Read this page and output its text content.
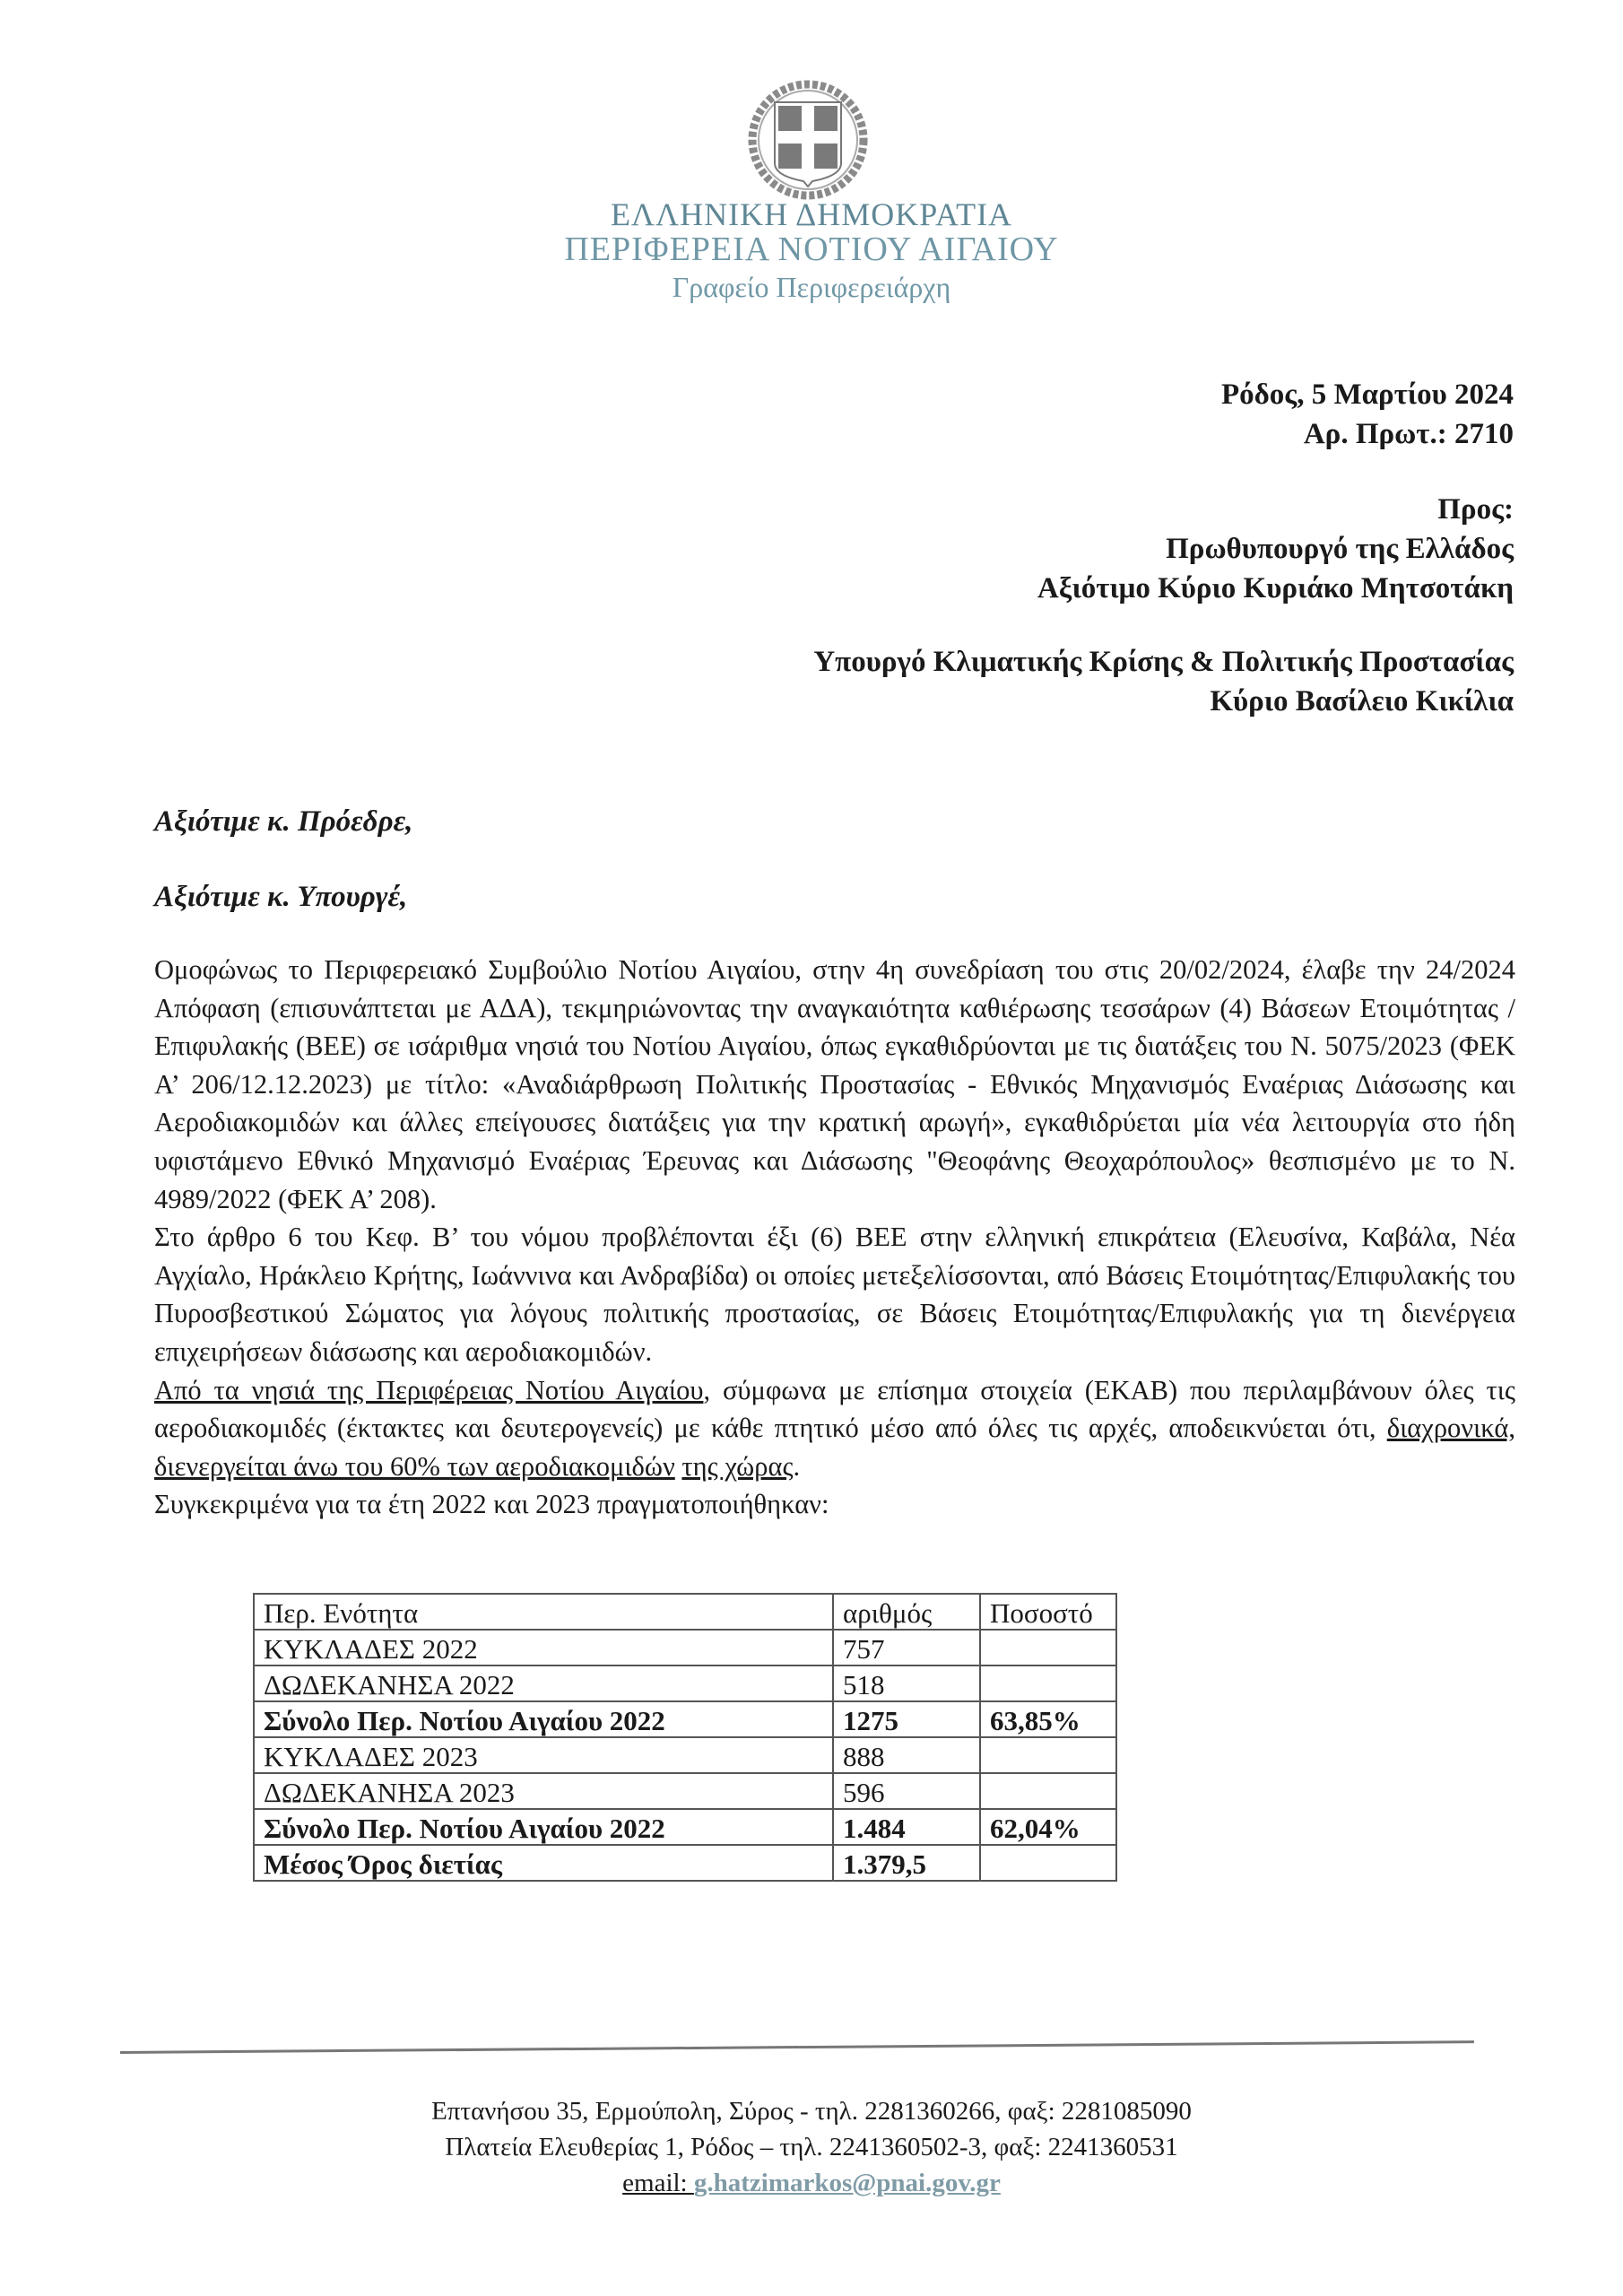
ΕΛΛΗΝΙΚΗ ΔΗΜΟΚΡΑΤΙΑ
ΠΕΡΙΦΕΡΕΙΑ ΝΟΤΙΟΥ ΑΙΓΑΙΟΥ
Γραφείο Περιφερειάρχη
Ρόδος, 5 Μαρτίου 2024
Αρ. Πρωτ.: 2710
Προς:
Πρωθυπουργό της Ελλάδος
Αξιότιμο Κύριο Κυριάκο Μητσοτάκη
Υπουργό Κλιματικής Κρίσης & Πολιτικής Προστασίας
Κύριο Βασίλειο Κικίλια
Αξιότιμε κ. Πρόεδρε,
Αξιότιμε κ. Υπουργέ,

Ομοφώνως το Περιφερειακό Συμβούλιο Νοτίου Αιγαίου, στην 4η συνεδρίαση του στις 20/02/2024, έλαβε την 24/2024 Απόφαση (επισυνάπτεται με ΑΔΑ), τεκμηριώνοντας την αναγκαιότητα καθιέρωσης τεσσάρων (4) Βάσεων Ετοιμότητας / Επιφυλακής (ΒΕΕ) σε ισάριθμα νησιά του Νοτίου Αιγαίου, όπως εγκαθιδρύονται με τις διατάξεις του Ν. 5075/2023 (ΦΕΚ Α’ 206/12.12.2023) με τίτλο: «Αναδιάρθρωση Πολιτικής Προστασίας - Εθνικός Μηχανισμός Εναέριας Διάσωσης και Αεροδιακομιδών και άλλες επείγουσες διατάξεις για την κρατική αρωγή», εγκαθιδρύεται μία νέα λειτουργία στο ήδη υφιστάμενο Εθνικό Μηχανισμό Εναέριας Έρευνας και Διάσωσης "Θεοφάνης Θεοχαρόπουλος» θεσπισμένο με το Ν. 4989/2022 (ΦΕΚ Α’ 208).

Στο άρθρο 6 του Κεφ. Β’ του νόμου προβλέπονται έξι (6) ΒΕΕ στην ελληνική επικράτεια (Ελευσίνα, Καβάλα, Νέα Αγχίαλο, Ηράκλειο Κρήτης, Ιωάννινα και Ανδραβίδα) οι οποίες μετεξελίσσονται, από Βάσεις Ετοιμότητας/Επιφυλακής του Πυροσβεστικού Σώματος για λόγους πολιτικής προστασίας, σε Βάσεις Ετοιμότητας/Επιφυλακής για τη διενέργεια επιχειρήσεων διάσωσης και αεροδιακομιδών.

Από τα νησιά της Περιφέρειας Νοτίου Αιγαίου, σύμφωνα με επίσημα στοιχεία (ΕΚΑΒ) που περιλαμβάνουν όλες τις αεροδιακομιδές (έκτακτες και δευτερογενείς) με κάθε πτητικό μέσο από όλες τις αρχές, αποδεικνύεται ότι, διαχρονικά, διενεργείται άνω του 60% των αεροδιακομιδών της χώρας.

Συγκεκριμένα για τα έτη 2022 και 2023 πραγματοποιήθηκαν:

Περ. Ενότητα	αριθμός	Ποσοστό
ΚΥΚΛΑΔΕΣ 2022	757	
ΔΩΔΕΚΑΝΗΣΑ 2022	518	
Σύνολο Περ. Νοτίου Αιγαίου 2022	1275	63,85%
ΚΥΚΛΑΔΕΣ 2023	888	
ΔΩΔΕΚΑΝΗΣΑ 2023	596	
Σύνολο Περ. Νοτίου Αιγαίου 2022	1.484	62,04%
Μέσος Όρος διετίας	1.379,5	
Επτανήσου 35, Ερμούπολη, Σύρος - τηλ. 2281360266, φαξ: 2281085090
Πλατεία Ελευθερίας 1, Ρόδος – τηλ. 2241360502-3, φαξ: 2241360531
email: g.hatzimarkos@pnai.gov.gr
